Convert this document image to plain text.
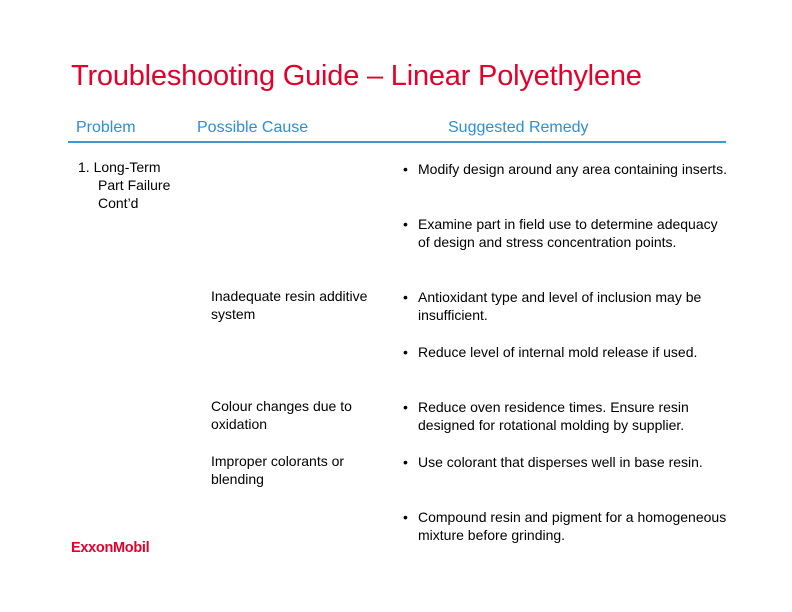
Troubleshooting Guide – Linear Polyethylene
Problem	Possible Cause	Suggested Remedy
1. Long-Term
Part Failure
Cont’d
Inadequate resin additive system
Colour changes due to oxidation
Improper colorants or blending
• Modify design around any area containing inserts.
• Examine part in field use to determine adequacy of design and stress concentration points.
• Antioxidant type and level of inclusion may be insufficient.
• Reduce level of internal mold release if used.
• Reduce oven residence times. Ensure resin designed for rotational molding by supplier.
• Use colorant that disperses well in base resin.
• Compound resin and pigment for a homogeneous mixture before grinding.
ExxonMobil
